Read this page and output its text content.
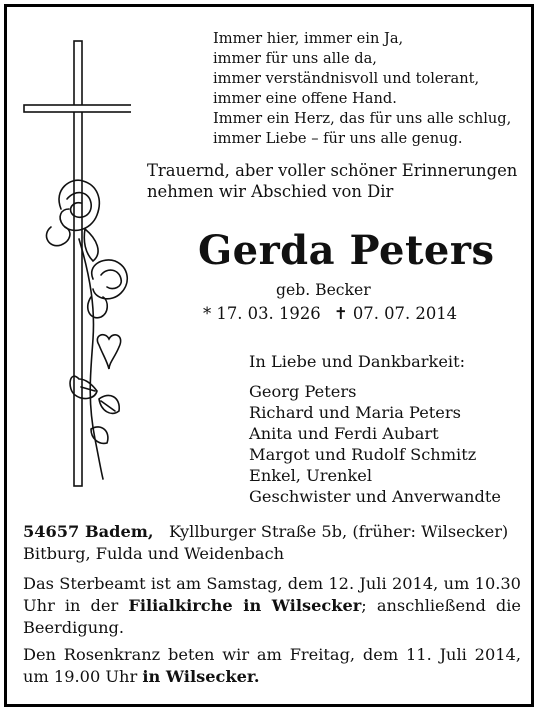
Immer hier, immer ein Ja,
immer für uns alle da,
immer verständnisvoll und tolerant,
immer eine offene Hand.
Immer ein Herz, das für uns alle schlug,
immer Liebe – für uns alle genug.
Trauernd, aber voller schöner Erinnerungen
nehmen wir Abschied von Dir
Gerda Peters
geb. Becker
* 17. 03. 1926 ✝ 07. 07. 2014
In Liebe und Dankbarkeit:
Georg Peters
Richard und Maria Peters
Anita und Ferdi Aubart
Margot und Rudolf Schmitz
Enkel, Urenkel
Geschwister und Anverwandte
54657 Badem, Kyllburger Straße 5b, (früher: Wilsecker)
Bitburg, Fulda und Weidenbach
Das Sterbeamt ist am Samstag, dem 12. Juli 2014, um 10.30 Uhr in der Filialkirche in Wilsecker; anschließend die Beerdigung.
Den Rosenkranz beten wir am Freitag, dem 11. Juli 2014, um 19.00 Uhr in Wilsecker.
